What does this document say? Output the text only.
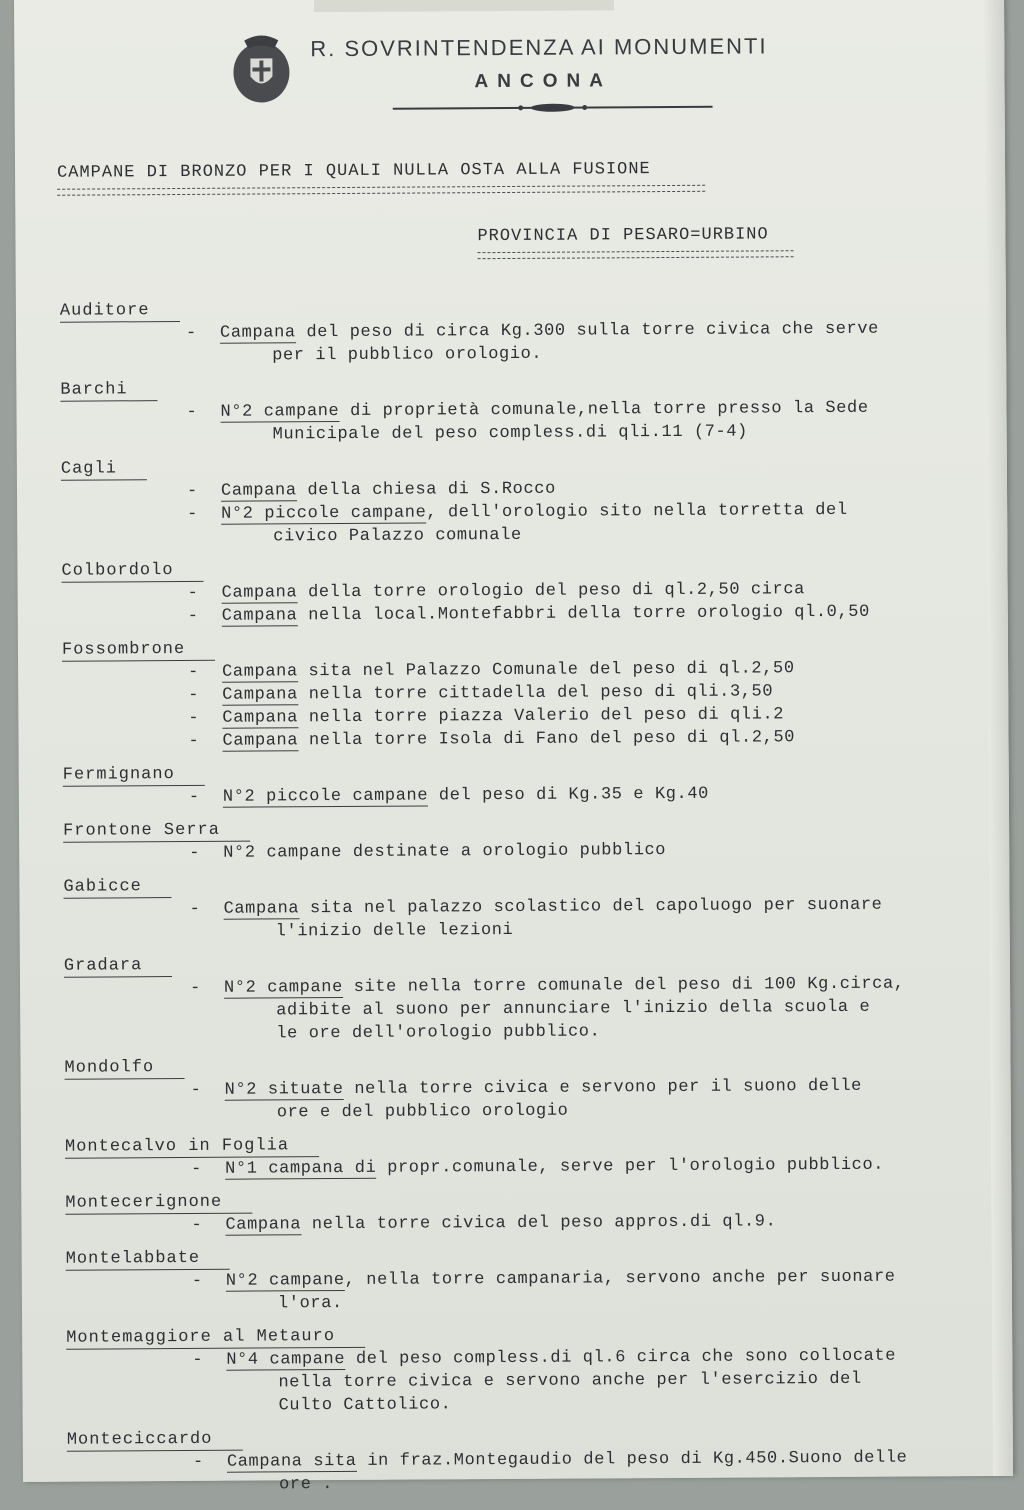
R. SOVRINTENDENZA AI MONUMENTI
ANCONA
CAMPANE DI BRONZO PER I QUALI NULLA OSTA ALLA FUSIONE
PROVINCIA DI PESARO=URBINO
Auditore
- Campana del peso di circa Kg.300 sulla torre civica che serve
per il pubblico orologio.
Barchi
- N°2 campane di proprietà comunale,nella torre presso la Sede
Municipale del peso compless.di qli.11 (7-4)
Cagli
- Campana della chiesa di S.Rocco
- N°2 piccole campane, dell'orologio sito nella torretta del
civico Palazzo comunale
Colbordolo
- Campana della torre orologio del peso di ql.2,50 circa
- Campana nella local.Montefabbri della torre orologio ql.0,50
Fossombrone
- Campana sita nel Palazzo Comunale del peso di ql.2,50
- Campana nella torre cittadella del peso di qli.3,50
- Campana nella torre piazza Valerio del peso di qli.2
- Campana nella torre Isola di Fano del peso di ql.2,50
Fermignano
- N°2 piccole campane del peso di Kg.35 e Kg.40
Frontone Serra
- N°2 campane destinate a orologio pubblico
Gabicce
- Campana sita nel palazzo scolastico del capoluogo per suonare
l'inizio delle lezioni
Gradara
- N°2 campane site nella torre comunale del peso di 100 Kg.circa,
adibite al suono per annunciare l'inizio della scuola e
le ore dell'orologio pubblico.
Mondolfo
- N°2 situate nella torre civica e servono per il suono delle
ore e del pubblico orologio
Montecalvo in Foglia
- N°1 campana di propr.comunale, serve per l'orologio pubblico.
Montecerignone
- Campana nella torre civica del peso appros.di ql.9.
Montelabbate
- N°2 campane, nella torre campanaria, servono anche per suonare
l'ora.
Montemaggiore al Metauro
- N°4 campane del peso compless.di ql.6 circa che sono collocate
nella torre civica e servono anche per l'esercizio del
Culto Cattolico.
Monteciccardo
- Campana sita in fraz.Montegaudio del peso di Kg.450.Suono delle
ore .
